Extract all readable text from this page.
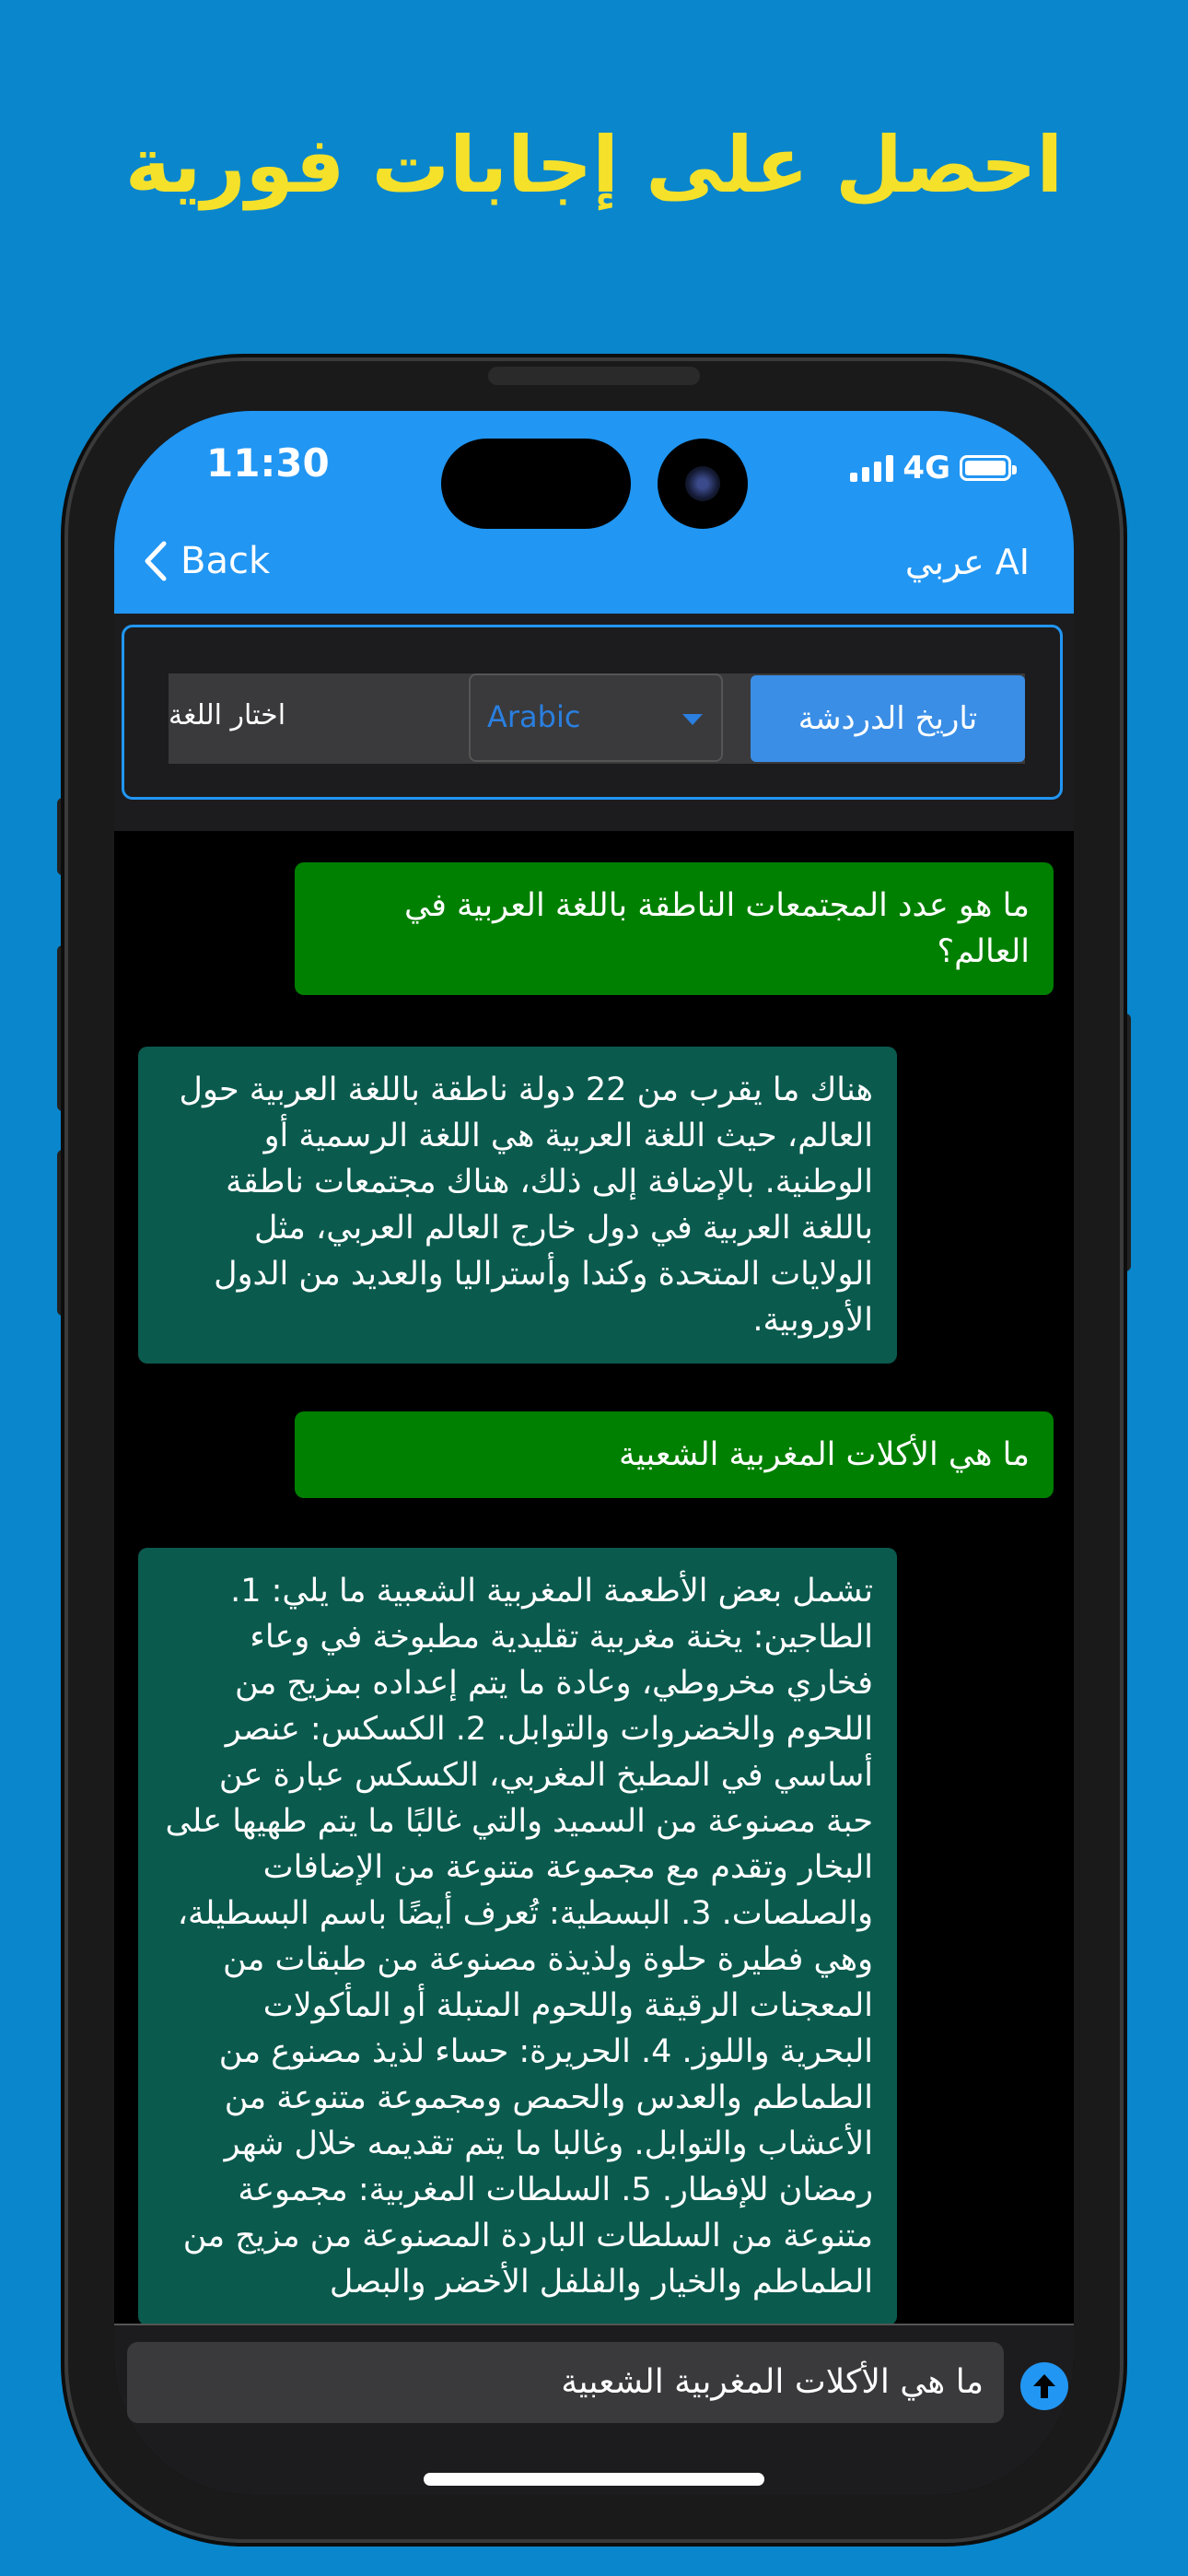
احصل على إجابات فورية
11:30	4G
Back	عربي AI
اختار اللغة	Arabic	تاريخ الدردشة
ما هو عدد المجتمعات الناطقة باللغة العربية في العالم؟
هناك ما يقرب من 22 دولة ناطقة باللغة العربية حول العالم، حيث اللغة العربية هي اللغة الرسمية أو الوطنية. بالإضافة إلى ذلك، هناك مجتمعات ناطقة باللغة العربية في دول خارج العالم العربي، مثل الولايات المتحدة وكندا وأستراليا والعديد من الدول الأوروبية.
ما هي الأكلات المغربية الشعبية
تشمل بعض الأطعمة المغربية الشعبية ما يلي: 1. الطاجين: يخنة مغربية تقليدية مطبوخة في وعاء فخاري مخروطي، وعادة ما يتم إعداده بمزيج من اللحوم والخضروات والتوابل. 2. الكسكس: عنصر أساسي في المطبخ المغربي، الكسكس عبارة عن حبة مصنوعة من السميد والتي غالبًا ما يتم طهيها على البخار وتقدم مع مجموعة متنوعة من الإضافات والصلصات. 3. البسطية: تُعرف أيضًا باسم البسطيلة، وهي فطيرة حلوة ولذيذة مصنوعة من طبقات من المعجنات الرقيقة واللحوم المتبلة أو المأكولات البحرية واللوز. 4. الحريرة: حساء لذيذ مصنوع من الطماطم والعدس والحمص ومجموعة متنوعة من الأعشاب والتوابل. وغالبا ما يتم تقديمه خلال شهر رمضان للإفطار. 5. السلطات المغربية: مجموعة متنوعة من السلطات الباردة المصنوعة من مزيج من الطماطم والخيار والفلفل الأخضر والبصل
ما هي الأكلات المغربية الشعبية
